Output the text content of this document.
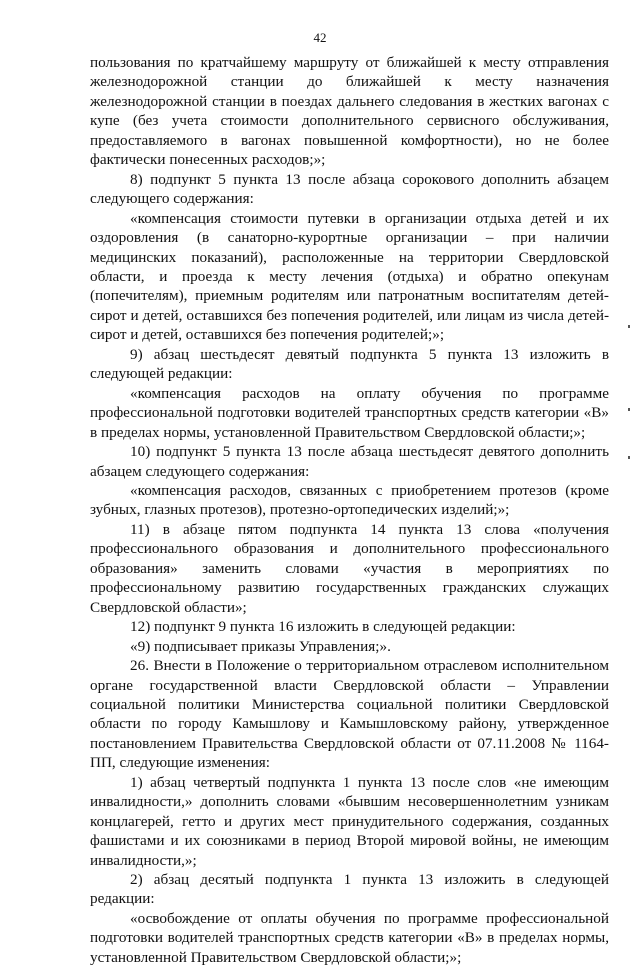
42

пользования по кратчайшему маршруту от ближайшей к месту отправления железнодорожной станции до ближайшей к месту назначения железнодорожной станции в поездах дальнего следования в жестких вагонах с купе (без учета стоимости дополнительного сервисного обслуживания, предоставляемого в вагонах повышенной комфортности), но не более фактически понесенных расходов;»;

8) подпункт 5 пункта 13 после абзаца сорокового дополнить абзацем следующего содержания:

«компенсация стоимости путевки в организации отдыха детей и их оздоровления (в санаторно-курортные организации – при наличии медицинских показаний), расположенные на территории Свердловской области, и проезда к месту лечения (отдыха) и обратно опекунам (попечителям), приемным родителям или патронатным воспитателям детей-сирот и детей, оставшихся без попечения родителей, или лицам из числа детей-сирот и детей, оставшихся без попечения родителей;»;

9) абзац шестьдесят девятый подпункта 5 пункта 13 изложить в следующей редакции:

«компенсация расходов на оплату обучения по программе профессиональной подготовки водителей транспортных средств категории «В» в пределах нормы, установленной Правительством Свердловской области;»;

10) подпункт 5 пункта 13 после абзаца шестьдесят девятого дополнить абзацем следующего содержания:

«компенсация расходов, связанных с приобретением протезов (кроме зубных, глазных протезов), протезно-ортопедических изделий;»;

11) в абзаце пятом подпункта 14 пункта 13 слова «получения профессионального образования и дополнительного профессионального образования» заменить словами «участия в мероприятиях по профессиональному развитию государственных гражданских служащих Свердловской области»;

12) подпункт 9 пункта 16 изложить в следующей редакции:

«9) подписывает приказы Управления;».

26. Внести в Положение о территориальном отраслевом исполнительном органе государственной власти Свердловской области – Управлении социальной политики Министерства социальной политики Свердловской области по городу Камышлову и Камышловскому району, утвержденное постановлением Правительства Свердловской области от 07.11.2008 № 1164-ПП, следующие изменения:

1) абзац четвертый подпункта 1 пункта 13 после слов «не имеющим инвалидности,» дополнить словами «бывшим несовершеннолетним узникам концлагерей, гетто и других мест принудительного содержания, созданных фашистами и их союзниками в период Второй мировой войны, не имеющим инвалидности,»;

2) абзац десятый подпункта 1 пункта 13 изложить в следующей редакции:

«освобождение от оплаты обучения по программе профессиональной подготовки водителей транспортных средств категории «В» в пределах нормы, установленной Правительством Свердловской области;»;
